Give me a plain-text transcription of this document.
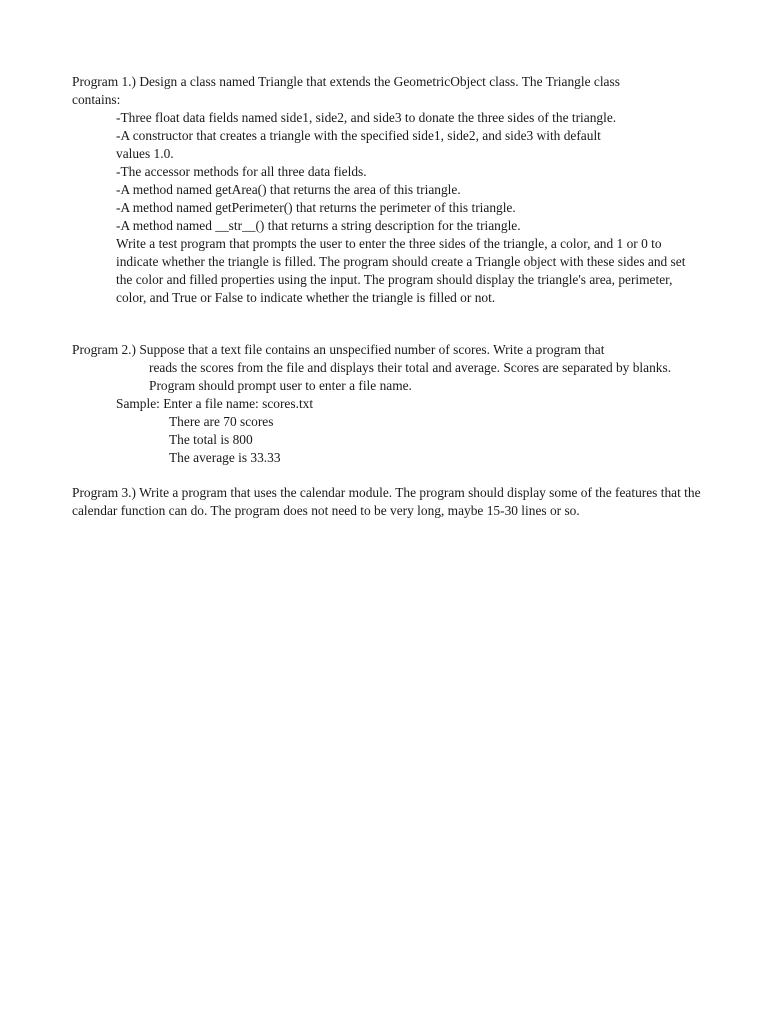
Program 1.) Design a class named Triangle that extends the GeometricObject class. The Triangle class
contains:
-Three float data fields named side1, side2, and side3 to donate the three sides of the triangle.
-A constructor that creates a triangle with the specified side1, side2, and side3 with default
values 1.0.
-The accessor methods for all three data fields.
-A method named getArea() that returns the area of this triangle.
-A method named getPerimeter() that returns the perimeter of this triangle.
-A method named __str__() that returns a string description for the triangle.
Write a test program that prompts the user to enter the three sides of the triangle, a color, and 1 or 0 to indicate whether the triangle is filled. The program should create a Triangle object with these sides and set the color and filled properties using the input. The program should display the triangle's area, perimeter, color, and True or False to indicate whether the triangle is filled or not.
Program 2.) Suppose that a text file contains an unspecified number of scores. Write a program that
reads the scores from the file and displays their total and average. Scores are separated by blanks. Program should prompt user to enter a file name.
Sample: Enter a file name: scores.txt
There are 70 scores
The total is 800
The average is 33.33
Program 3.) Write a program that uses the calendar module. The program should display some of the features that the calendar function can do. The program does not need to be very long, maybe 15-30 lines or so.
